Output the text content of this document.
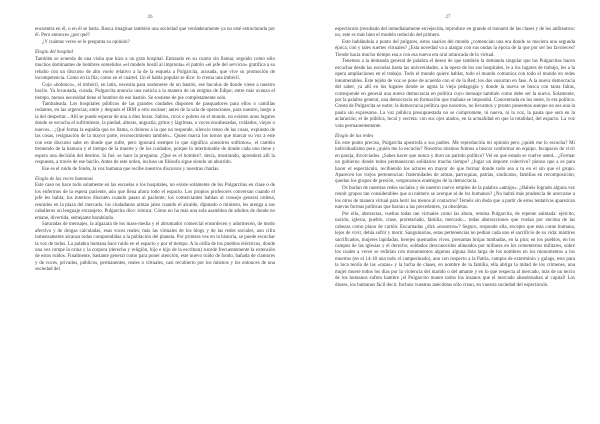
26

encuentra en él, o en él se harta. Busca imaginar también una sociedad que verdaderamente ya no esté estructurada por él. Pero entonces ¿por qué?

¿Y cuántas veces se le pregunta su opinión?

Elogio del hospital

También se acuerda de una visita que hizo a un gran hospital. Entrando en su cuarto sin llamar, seguido como sólo muchos dominantes de hombres sometidos «el modelo hostil al impronta» el patrón «el jefe del servicio» gratifica a su rebaño con un discurso de alto vuelo relativo a la de la esquela a Pulgarcita, acusada, que vive su promoción de incompetencia. Como en la fila; como en el cuartel. Un el habla popular se dice: lo crema una imbécil.

Cojo «bobinco», el imbécil, en latín, necesita para sostenerse de un bastón, ese baculus de donde viene a nuestro bacilo. Ya levantada, curada, Pulgarcita anuncia una noticia a la manera de un enigma de Edipo; entre más avanza el tiempo, menos necesidad tiene el hombre de ese bastón. Se sostiene de pie completamente solo.

Tambaleada. Los hospitales públicos de las grandes ciudades disponen de pasquadores para ellos o camillas rodantes, en las urgencias; entre y después el IRM u otro escáner; antes de la sala de operaciones, para nuestro, luego a la del despertar... Allí se puede esperar de una a diez horas. Sabios, ricos o pobres en el mundo, no existen unos lugares donde se escucha el sufrimiento, la piedad, alturas, angustia, gritos y lágrimas, a voces encabezadas, cuidados, viejos o nuevos... ¿Qué forma la espalda que no llama, o dolores a la que no responde, silencio tenso de las cosas, expuesto de las cosas, resignación de la mayor parte, reconocimiento también... Quien marca los turnos que marcar su voz a este con este discurso sabe en donde que sufre, pero ignorará siempre lo que significa «nosotros sufrimos», el cambio tremendo de la hamaca y el tiempo de la muerte y de los cuidados, porque lo interminable de donde cada uno tiene y espera una decisión del destino. Si fué, se hace la pregunta: ¿Qué es el hombre?, decía, mostrando, aprenderá allí la respuesta, a través de ese bacilo. Antes de este orden, incluso un filósofo sigue siendo un aburrido.

Ese es el ruido de fondo, la voz humana que recibe nuestros discursos y nuestras charlas.

Elogio de las voces humanas

Este caso no hace todo solamente en las escuelas o los hospitales, no existe solamente de los Pulgarcitos en clase o de los enfermos de la espera paciente, aún que llena ahora todo el espacio. Los propios profesores conversan cuando el jefe les habla; los internos discuten cuando pasan al paciente; los comerciantes hablan al consejo general ordena, reunidos en la plaza del mercado, los ciudadanos arman jaleo cuando el alcalde, diputado o ministro, les arenga a sus caballeros un lenguaje extranjero. Pulgarcita dice: irónica: Cómo no ha más una sola asamblea de adultos de donde no emane, divertida, semejante barahúnda.

Saturadas de mensajes, la algazara de los mass-media y el abrumador comercial ensordecen y adormecen, de modo afectivo y de drogas calculadas, esas voces reales; más las virtuales de los blogs y de las redes sociales, aun cifra inmensamente alcanza todas comprendidas a la población del planeta. Por primera vez en la historia, se puede escuchar la voz de todos. La palabra humana hace ruido en el espacio y por el tiempo. A la orilla de los pueblos eléctricos, donde una vez rompe la orina y la corpora (derecho y religión, hijo e hijo de la escritura) sucede frecuentemente la extensión de estos ruidos. Finalmente, bastante general como para poner atención, este nuevo ruido de fondo, bañada de clamores y de voces, privados, públicos, permanentes, reales o virtuales, casi recubierto por los mismos y los entonces de una sociedad del

27

espectáculo (resultado del inmediatamente envejecida, reproduce en grande el tsunami de las clases y de los anfiteatros; no, este es más bien el modelo reducido del primero.

Este hablándola a punto del pulgares, estos suarios del mundo ¿comencian una era donde se meciera una segunda época, con y tales suertes virtuales? ¿Esta novedad va a alargar con sus ondas la época de la que por ser los favoreces? Tiende hacia mucho tiempo esa a con esa nueva era oral arrancada de lo virtual.

Tenemos a la demanda general de palabra el deseo de que también la demanda singular que las Pulgarcitas hacen escuchar desde las escuelas hasta las universidades, a la opera de los sus hospitales, le a los lugares de trabajo, les a la opera ampliaciones en el trabajo. Todo el mundo quiere hablar, todo el mundo comunica con todo el mundo en redes innumerables. Este tejido de voz se pone de acuerdo con el de la Red; los dos susurran en fase. A la nueva democracia del saber, ya allí en los lugares donde se agota la vieja pedagogía y donde la nueva se busca con tanta faltas, corresponde en general una nueva democracia en política cuyo mensaje también como debe ser la nueva. Solamente, por la palabra general, una democracia en formación que mañana se impondrá. Concentrada en los oeste, lo era política. Cresta de Pulgarcita se nutre; la democracia política que nosotros, no llevamos y pronto poseemos aunque no sea una la pauta sin expresarse. La voz pública presupuestada no se compromete, ni nueva, ni la voz, la pauta que será en la aclaración; el de pública, local y secreta: con sus ojos atados, en la actualidad en que la totalidad, del espacio. La voz vota permanentemente.

Elogio de las redes

En este punto preciso, Pulgarcita apostrofa a sus padres. Me reproduciría mi opinión pero ¿quién me lo escucha? Mi individualismo pero ¿quién me lo escucho? Nosotros mismos fuimos a buscar conformar en equipo. Incapaces de vivir en pareja, divorciados. ¿Sabes hacer que nunca y duro un partido político? Vel en qué estado se vuelve usted... ¿Formar un gobierno donde todos permanezcan solidarios mucho tiempo? ¿Jugar un deporte colectivo? pienso que a es para hacer el espectáculo, recibiendo los actores en mayor de que formar donde todo sea a tu en el sin que el grupo. Aparecen los viejos pertenencias: fraternidades de armas, parroquias, patrias, sindicatos, familias en recomposición; quedan los grupos de presión, vergonzosos enemigos de la democracia.

Os burlan de nuestras redes sociales y de nuestro nuevo empleo de la palabra «amigo». ¿Habéis logrado alguna vez reunir grupos tan considerables que su número se acerque al de los humanos? ¿No habrá más prudencia de acercarse a los otros de manera virtual para herir los menos al contactos? Teméis sin duda que a partir de estos tentativas aparezcan nuevas formas políticas que barran a las precedentes, ya obsoletas.

Por ello, abstractas, vueltas todas tan virtuales como las ahora, retoma Pulgarcita, de repente animada: ejército, nación, iglesia, pueblo, clase, proletariado, familia, mercado... todas abstracciones que vuelan por encima de las cabezas como plano de cartón. Encarnadas ¿dirá «nosotros»? Seguro, responde ella, excepto que esta carne humana, lejos de vivir, debía sufrir y morir. Sanguinarias, estas pertenencias no pedían cada uno el sacrificio de su vida: mártires sacrificados, mujeres lapidadas, herejes quemados vivos, presuntas brujas tumbadas, en la pira; en los pueblos, en los campos de las iglesias y el derecho; soldados desconocidos alineados por millares en los cementerios militares, sobre los cuales a veces se redirían con monumentos algunos alguna lista larga de los nombres en los monumentos a los muertos (en el 14-18 una todo el campesinado), aun con respecto a la Patria, campos de exterminio y gulags, esto para la loca teoría de las «razas» y la lucha de clases, en nombre de la familia, ella abriga la mitad de los crímenes, una mujer muere todos los días por la violencia del marido o del amante y en lo que respecta al mercado, más de un tercio de los humanos sufren hambre ¡el Pulgarcito muere todos los insanos que el mercado abandonaban al capital! Los dioses, los humanos fácil decir. Incluso vuestras anécdotas sólo crean, en vuestra sociedad del espectáculo.
